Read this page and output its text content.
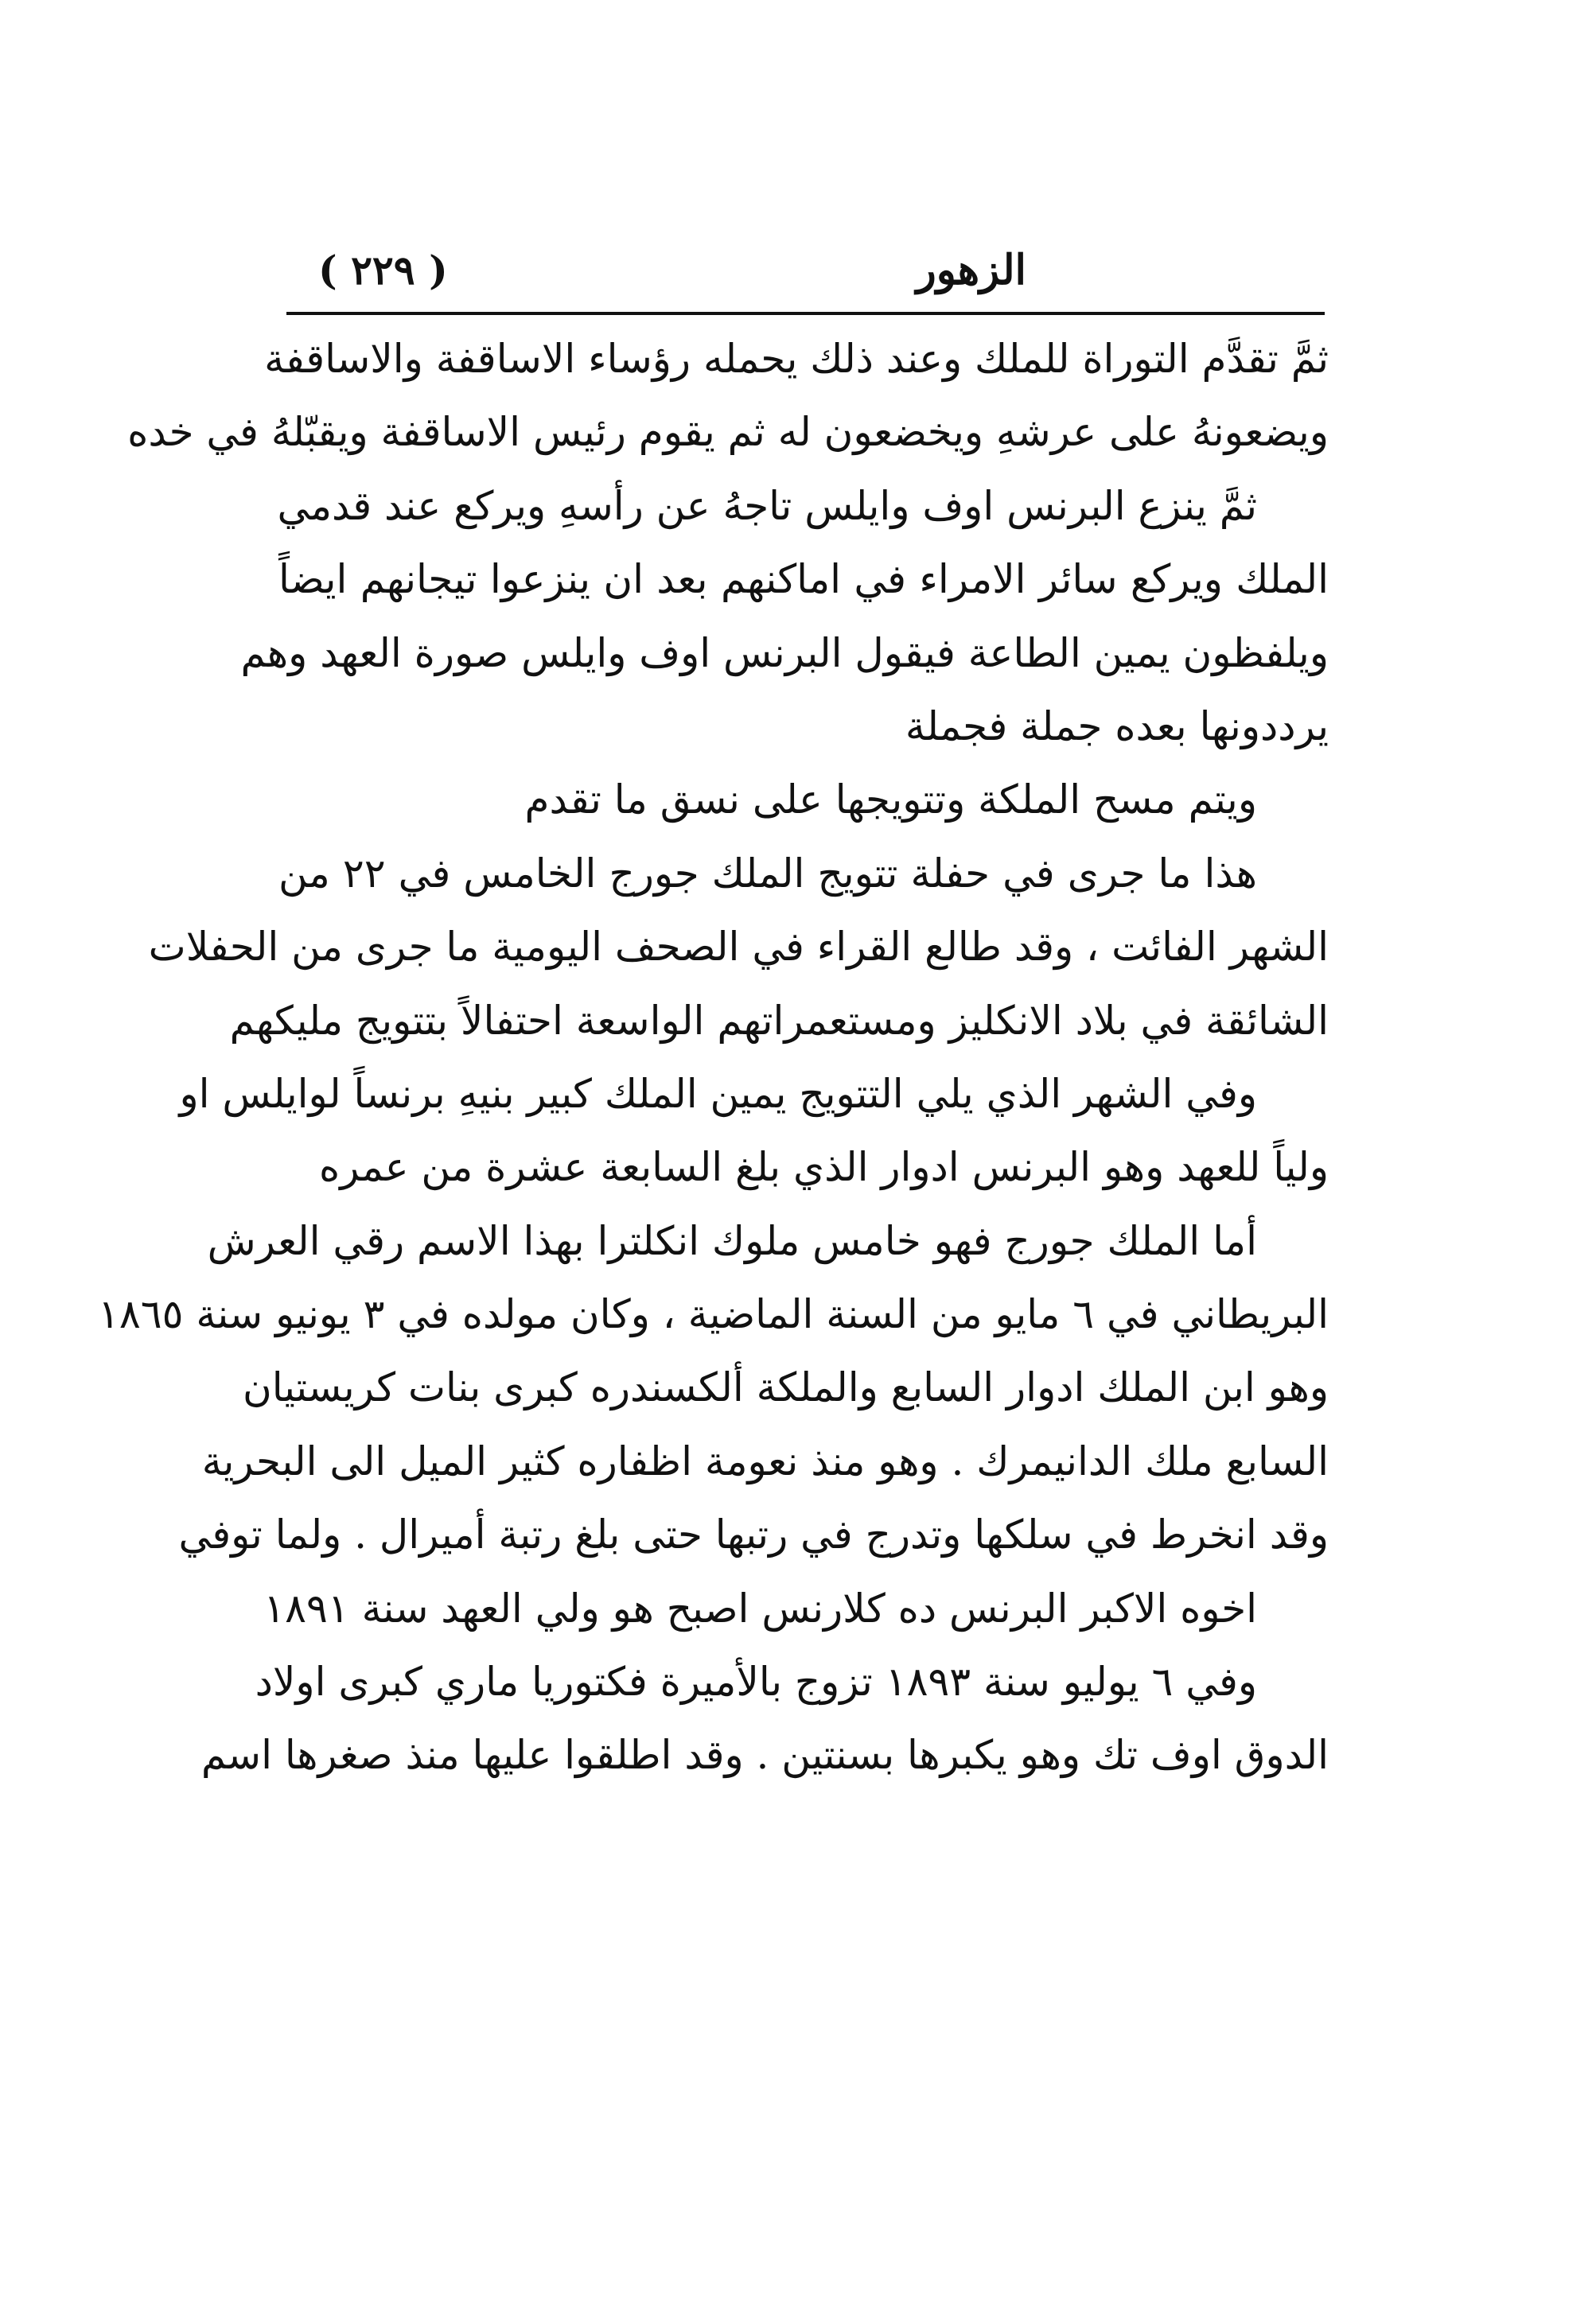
الزهور
( ٢٢٩ )
ثمَّ تقدَّم التوراة للملك وعند ذلك يحمله رؤساء الاساقفة والاساقفة
ويضعونهُ على عرشهِ ويخضعون له ثم يقوم رئيس الاساقفة ويقبّلهُ في خده
ثمَّ ينزع البرنس اوف وايلس تاجهُ عن رأسهِ ويركع عند قدمي
الملك ويركع سائر الامراء في اماكنهم بعد ان ينزعوا تيجانهم ايضاً
ويلفظون يمين الطاعة فيقول البرنس اوف وايلس صورة العهد وهم
يرددونها بعده جملة فجملة
ويتم مسح الملكة وتتويجها على نسق ما تقدم
هذا ما جرى في حفلة تتويج الملك جورج الخامس في ٢٢ من
الشهر الفائت ، وقد طالع القراء في الصحف اليومية ما جرى من الحفلات
الشائقة في بلاد الانكليز ومستعمراتهم الواسعة احتفالاً بتتويج مليكهم
وفي الشهر الذي يلي التتويج يمين الملك كبير بنيهِ برنساً لوايلس او
ولياً للعهد وهو البرنس ادوار الذي بلغ السابعة عشرة من عمره
أما الملك جورج فهو خامس ملوك انكلترا بهذا الاسم رقي العرش
البريطاني في ٦ مايو من السنة الماضية ، وكان مولده في ٣ يونيو سنة ١٨٦٥
وهو ابن الملك ادوار السابع والملكة ألكسندره كبرى بنات كريستيان
السابع ملك الدانيمرك . وهو منذ نعومة اظفاره كثير الميل الى البحرية
وقد انخرط في سلكها وتدرج في رتبها حتى بلغ رتبة أميرال . ولما توفي
اخوه الاكبر البرنس ده كلارنس اصبح هو ولي العهد سنة ١٨٩١
وفي ٦ يوليو سنة ١٨٩٣ تزوج بالأميرة فكتوريا ماري كبرى اولاد
الدوق اوف تك وهو يكبرها بسنتين . وقد اطلقوا عليها منذ صغرها اسم
